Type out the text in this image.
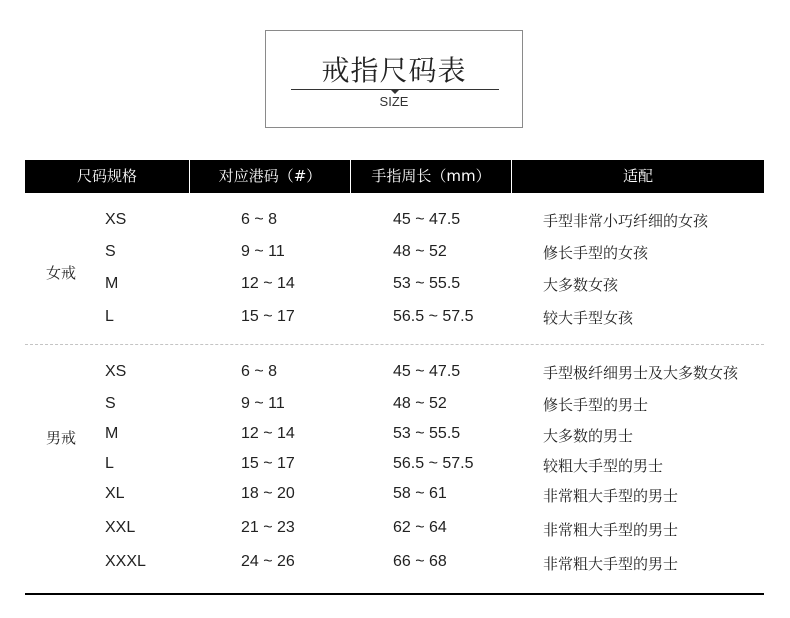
戒指尺码表
SIZE
尺码规格	对应港码（#）	手指周长（mm）	适配
女戒
XS	6 ~ 8	45 ~ 47.5	手型非常小巧纤细的女孩
S	9 ~ 11	48 ~ 52	修长手型的女孩
M	12 ~ 14	53 ~ 55.5	大多数女孩
L	15 ~ 17	56.5 ~ 57.5	较大手型女孩
男戒
XS	6 ~ 8	45 ~ 47.5	手型极纤细男士及大多数女孩
S	9 ~ 11	48 ~ 52	修长手型的男士
M	12 ~ 14	53 ~ 55.5	大多数的男士
L	15 ~ 17	56.5 ~ 57.5	较粗大手型的男士
XL	18 ~ 20	58 ~ 61	非常粗大手型的男士
XXL	21 ~ 23	62 ~ 64	非常粗大手型的男士
XXXL	24 ~ 26	66 ~ 68	非常粗大手型的男士
